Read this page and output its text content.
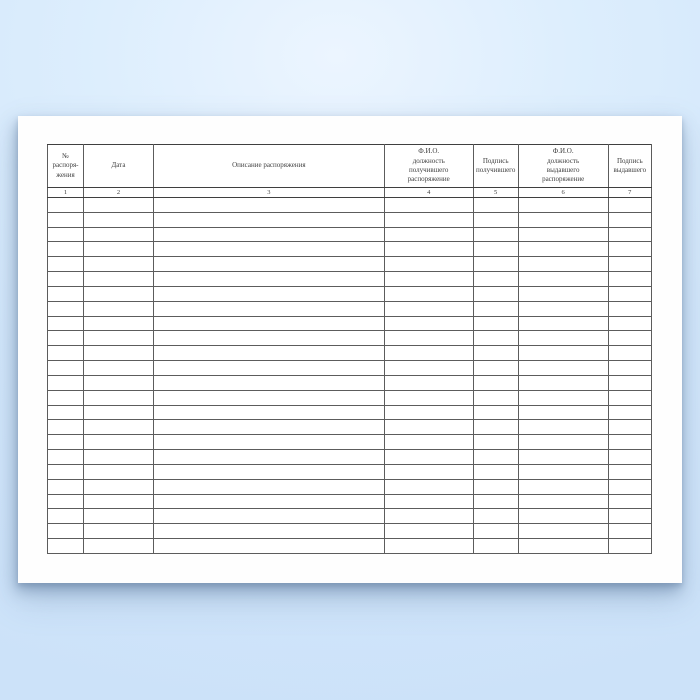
№
распоря-
жения	Дата	Описание распоряжения	Ф.И.О.
должность
получившего
распоряжение	Подпись
получившего	Ф.И.О.
должность
выдавшего
распоряжение	Подпись
выдавшего
1	2	3	4	5	6	7
